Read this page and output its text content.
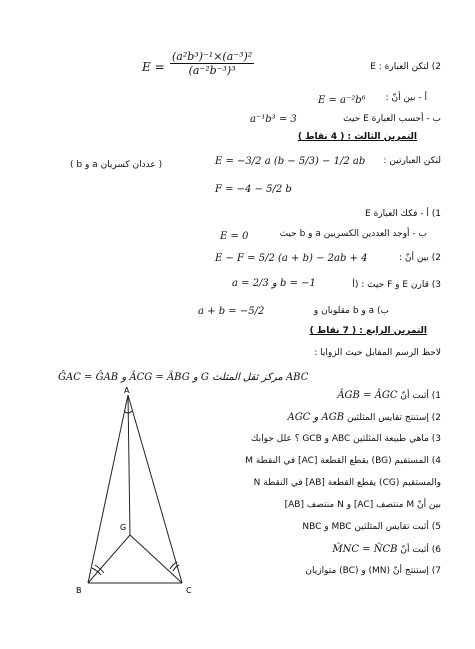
$E = \frac{\text{(a²b³)⁻¹×(a⁻³)²}}{\text{(a⁻²b⁻³)³}}$	2) لتكن العبارة : E
E = a⁻²b⁶ أ - بين أنّ :
a⁻¹b³ = 3	ب - أحسب العبارة E حيث
التمرين الثالث : ( 4 نقاط )
لتكن العبارتين :
( b و a عددان كسريان )	E = −3/2 a (b − 5/3) − 1/2 ab
F = −4 − 5/2 b
1) أ - فكك العبارة E
E = 0	ب - أوجد العددين الكسريين a و b حيث
E − F = 5/2 (a + b) − 2ab + 4	2) بين أنّ :
a = 2/3 و b = −1	3) قارن E و F حيث : (أ
a + b = −5/2	ب) a و b مقلوبان و
التمرين الرابع : ( 7 نقاط )
لاحظ الرسم المقابل حيث الزوايا :
ĜAC = ĜAB و ÂCG = ÂBG و G مركز ثقل المثلث ABC
1) أثبت أنّ ÂGB = ÂGC
2) إستنتج تقايس المثلثين AGB و AGC
3) ماهي طبيعة المثلثين ABC و GCB ؟ علل جوابك
4) المستقيم (BG) يقطع القطعة [AC] في النقطة M
والمستقيم (CG) يقطع القطعة [AB] في النقطة N
بين أنّ M منتصف [AC] و N منتصف [AB]
5) أثبت تقايس المثلثين MBC و NBC
6) أثبت أنّ M̂NC = N̂CB
7) إستنتج أنّ (MN) و (BC) متوازيان
A
B	C
G
